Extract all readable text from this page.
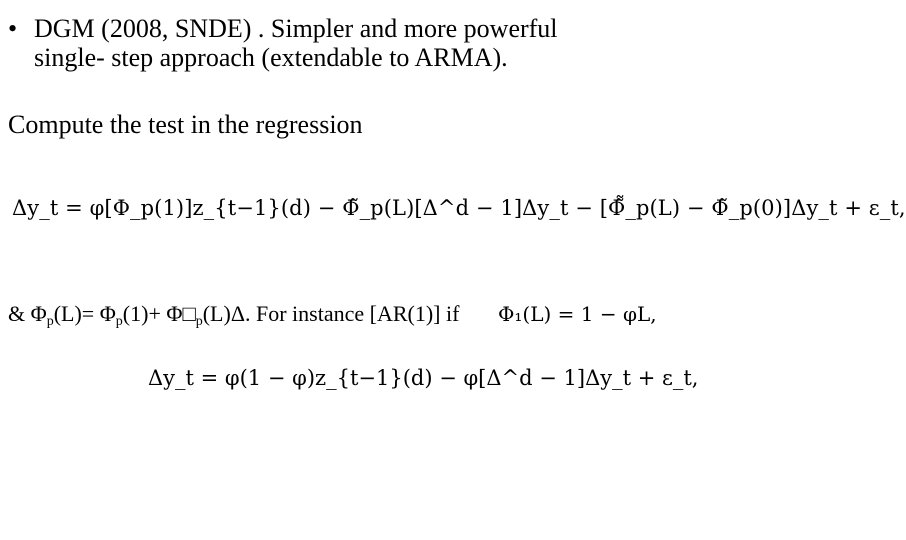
• DGM (2008, SNDE) . Simpler and more powerful
single- step approach (extendable to ARMA).
Compute the test in the regression
Δy_t = φ[Φ_p(1)]z_{t−1}(d) − Φ̃_p(L)[Δ^d − 1]Δy_t − [Φ̃̃_p(L) − Φ̃_p(0)]Δy_t + ε_t,
& $\Phi_p(L)= \Phi_p(1)+$ $\Phi□_p(L)\Delta$. For instance [AR(1)] if Φ₁(L) = 1 − φL,
Δy_t = φ(1 − φ)z_{t−1}(d) − φ[Δ^d − 1]Δy_t + ε_t,
